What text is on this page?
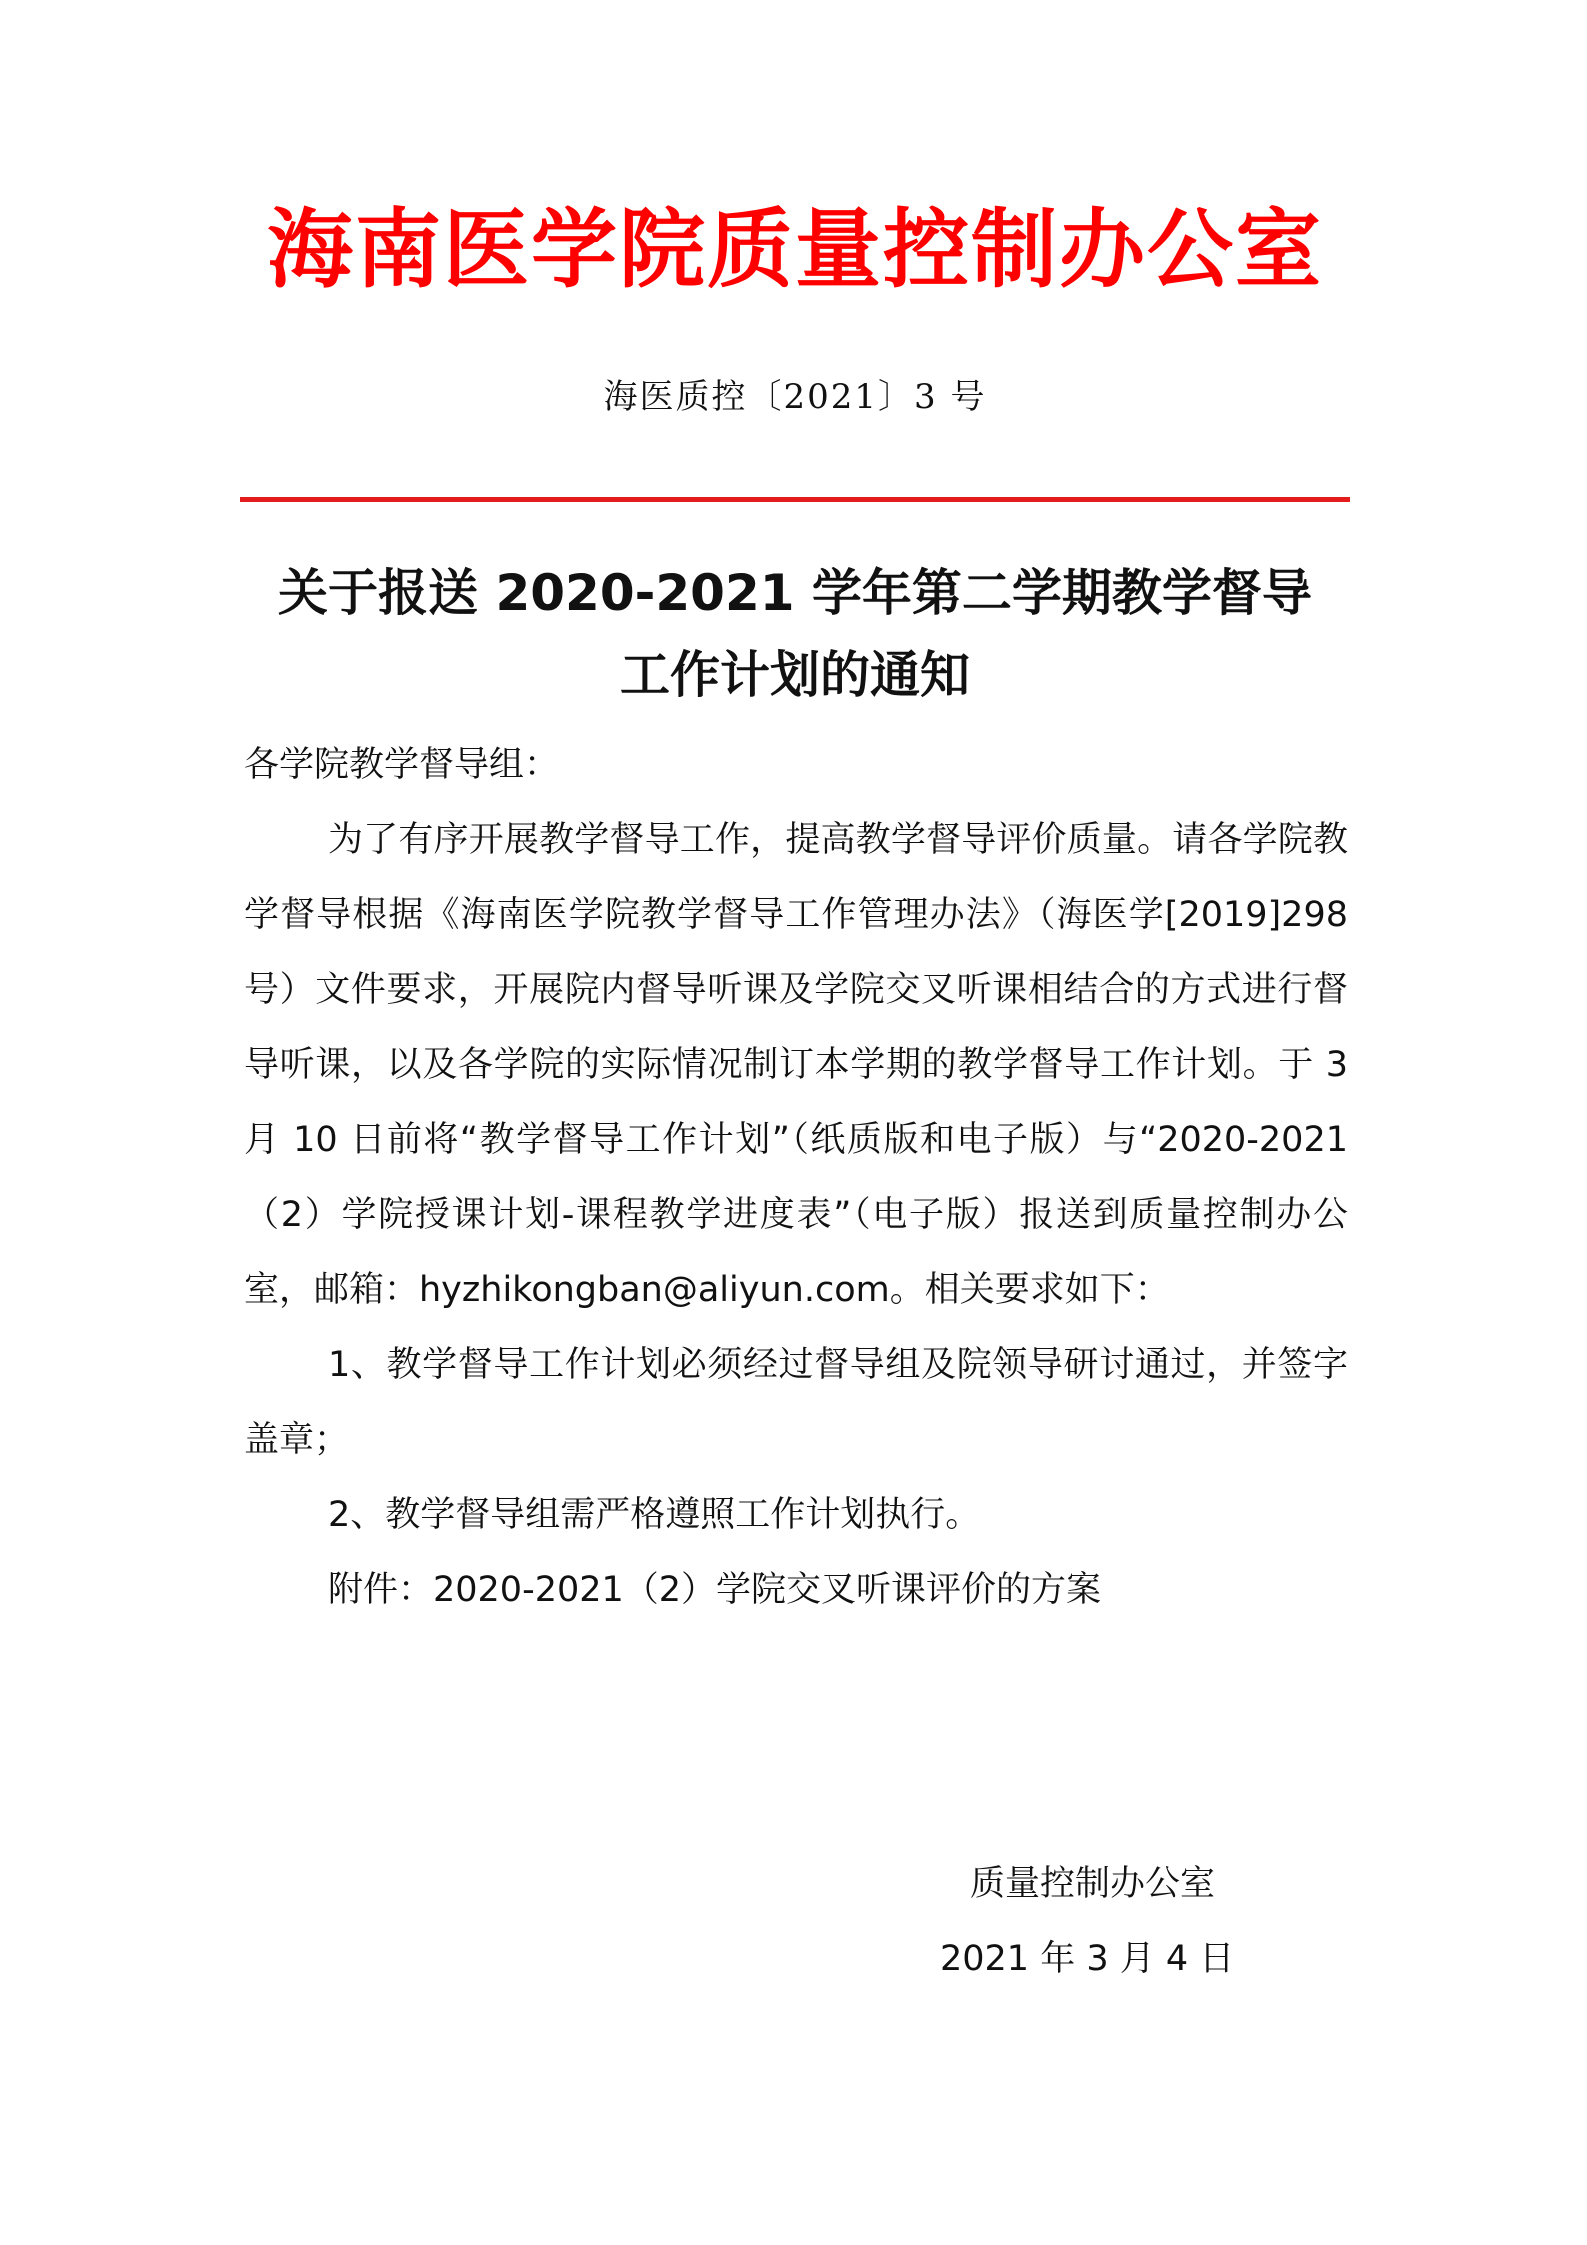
海南医学院质量控制办公室
海医质控〔2021〕3 号
关于报送 2020-2021 学年第二学期教学督导
工作计划的通知

各学院教学督导组：

为了有序开展教学督导工作，提高教学督导评价质量。请各学院教学督导根据《海南医学院教学督导工作管理办法》（海医学[2019]298 号）文件要求，开展院内督导听课及学院交叉听课相结合的方式进行督导听课，以及各学院的实际情况制订本学期的教学督导工作计划。于 3 月 10 日前将“教学督导工作计划”（纸质版和电子版）与“2020-2021（2）学院授课计划-课程教学进度表”（电子版）报送到质量控制办公室，邮箱：hyzhikongban@aliyun.com。相关要求如下：

1、教学督导工作计划必须经过督导组及院领导研讨通过，并签字盖章；

2、教学督导组需严格遵照工作计划执行。

附件：2020-2021（2）学院交叉听课评价的方案

质量控制办公室
2021 年 3 月 4 日
